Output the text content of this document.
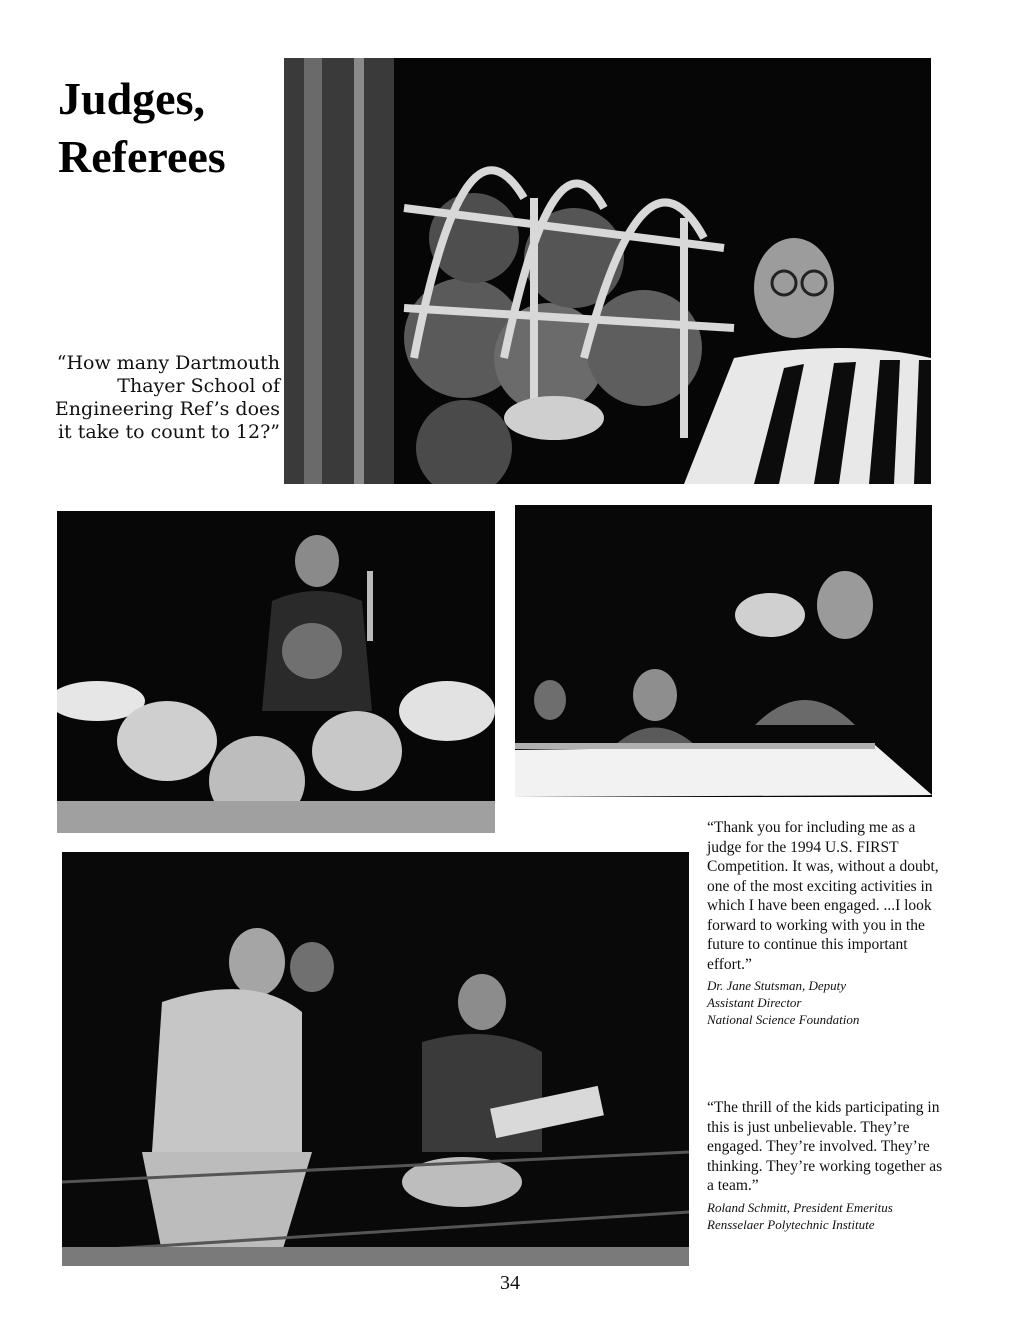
Judges,
Referees
“How many Dartmouth Thayer School of Engineering Ref’s does it take to count to 12?”

“Thank you for including me as a judge for the 1994 U.S. FIRST Competition. It was, without a doubt, one of the most exciting activities in which I have been engaged. ...I look forward to working with you in the future to continue this important effort.”

Dr. Jane Stutsman, Deputy
Assistant Director
National Science Foundation

“The thrill of the kids participating in this is just unbelievable. They’re engaged. They’re involved. They’re thinking. They’re working together as a team.”

Roland Schmitt, President Emeritus
Rensselaer Polytechnic Institute

34
